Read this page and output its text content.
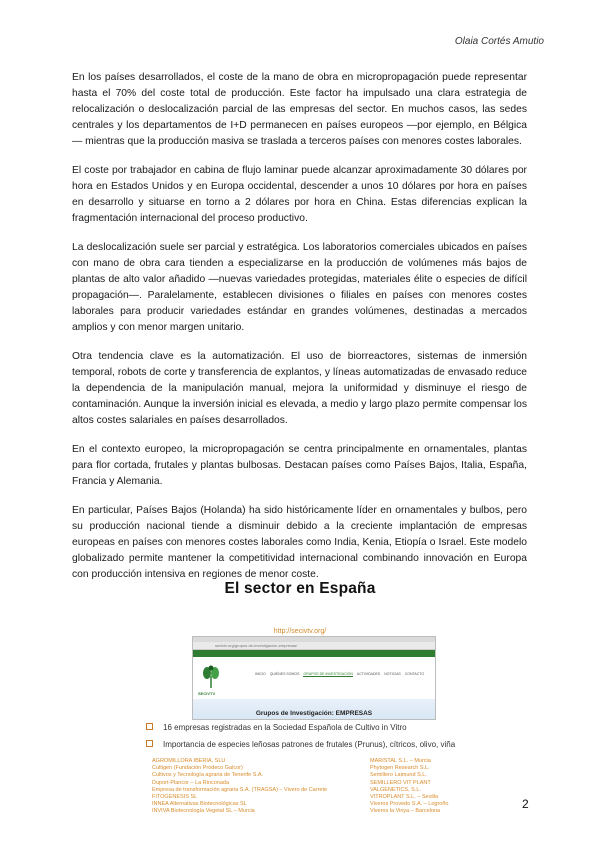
Olaia Cortés Amutio

En los países desarrollados, el coste de la mano de obra en micropropagación puede representar hasta el 70% del coste total de producción. Este factor ha impulsado una clara estrategia de relocalización o deslocalización parcial de las empresas del sector. En muchos casos, las sedes centrales y los departamentos de I+D permanecen en países europeos —por ejemplo, en Bélgica— mientras que la producción masiva se traslada a terceros países con menores costes laborales.

El coste por trabajador en cabina de flujo laminar puede alcanzar aproximadamente 30 dólares por hora en Estados Unidos y en Europa occidental, descender a unos 10 dólares por hora en países en desarrollo y situarse en torno a 2 dólares por hora en China. Estas diferencias explican la fragmentación internacional del proceso productivo.

La deslocalización suele ser parcial y estratégica. Los laboratorios comerciales ubicados en países con mano de obra cara tienden a especializarse en la producción de volúmenes más bajos de plantas de alto valor añadido —nuevas variedades protegidas, materiales élite o especies de difícil propagación—. Paralelamente, establecen divisiones o filiales en países con menores costes laborales para producir variedades estándar en grandes volúmenes, destinadas a mercados amplios y con menor margen unitario.

Otra tendencia clave es la automatización. El uso de biorreactores, sistemas de inmersión temporal, robots de corte y transferencia de explantos, y líneas automatizadas de envasado reduce la dependencia de la manipulación manual, mejora la uniformidad y disminuye el riesgo de contaminación. Aunque la inversión inicial es elevada, a medio y largo plazo permite compensar los altos costes salariales en países desarrollados.

En el contexto europeo, la micropropagación se centra principalmente en ornamentales, plantas para flor cortada, frutales y plantas bulbosas. Destacan países como Países Bajos, Italia, España, Francia y Alemania.

En particular, Países Bajos (Holanda) ha sido históricamente líder en ornamentales y bulbos, pero su producción nacional tiende a disminuir debido a la creciente implantación de empresas europeas en países con menores costes laborales como India, Kenia, Etiopía o Israel. Este modelo globalizado permite mantener la competitividad internacional combinando innovación en Europa con producción intensiva en regiones de menor coste.

El sector en España
http://secivtv.org/
secivtv.org/grupos-de-investigacion-empresas/
SECIVTV
INICIO QUIÉNES SOMOS GRUPOS DE INVESTIGACIÓN ACTIVIDADES NOTICIAS CONTACTO
Grupos de Investigación: EMPRESAS
16 empresas registradas en la Sociedad Española de Cultivo in Vitro
Importancia de especies leñosas patrones de frutales (Prunus), cítricos, olivo, viña
AGROMILLORA IBERIA, SLU
Cultigen (Fundación Prodeco Galcor)
Cultivos y Tecnología agraria de Tenerife S.A.
Duport-Plancor – La Rinconada
Empresa de transformación agraria S.A. (TRAGSA) – Vivero de Carrete
FITOGENESIS SL
INNEA Alternativas Biotecnológicas SL
INVIVA Biotecnología Vegetal SL – Murcia
MARISTAL S.L. – Murcia
Phytogen Research S.L.
Semillero Laimund S.L.
SEMILLERO VIT PLANT
VALGENETICS, S.L.
VITROPLANT S.L. – Sevilla
Viveros Provedo S.A. – Logroño
Viveros la Vinya – Barcelona
2
